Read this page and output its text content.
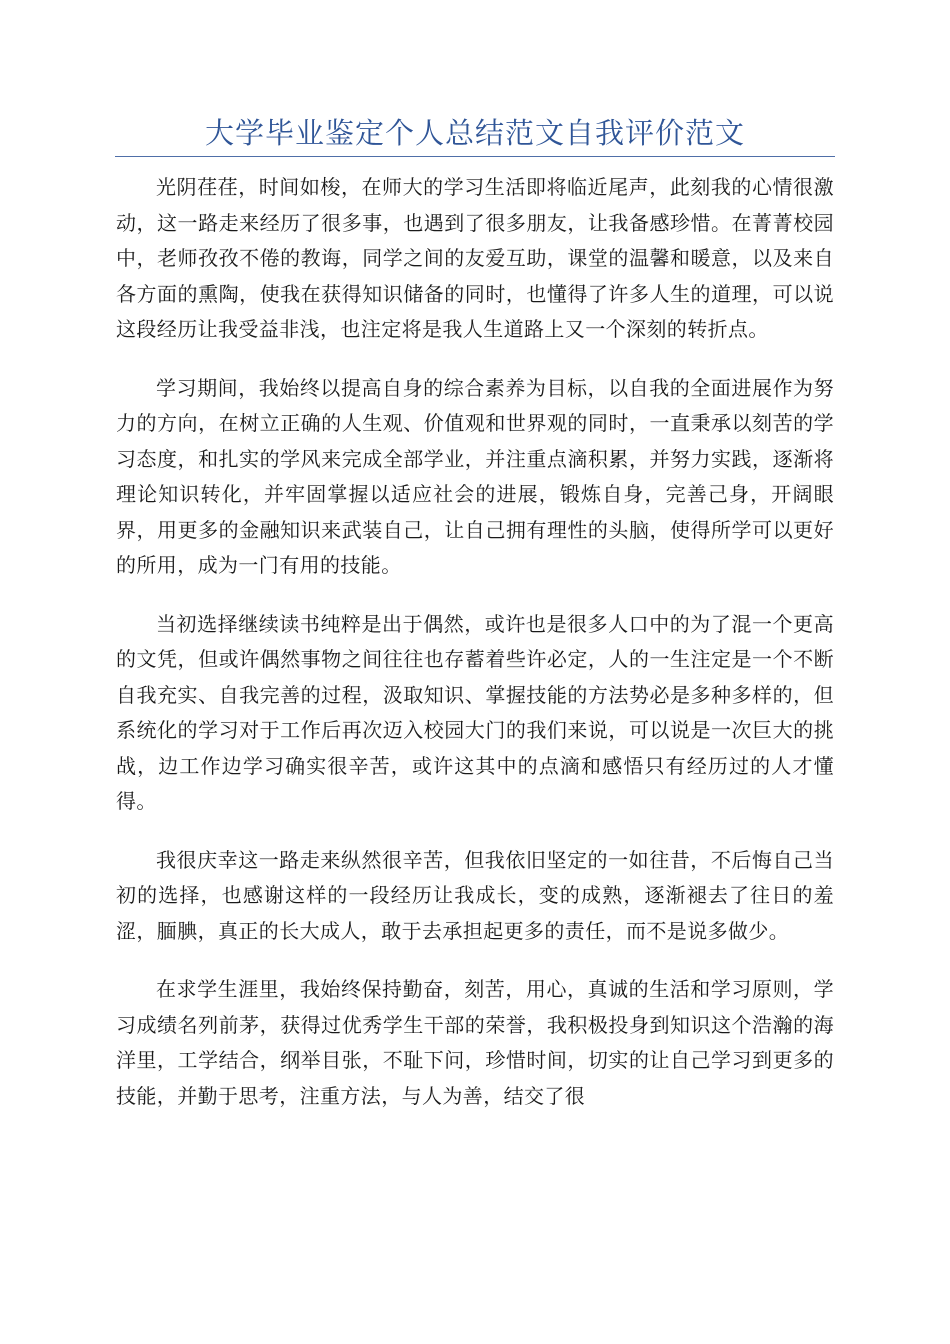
大学毕业鉴定个人总结范文自我评价范文

光阴荏荏，时间如梭，在师大的学习生活即将临近尾声，此刻我的心情很激动，这一路走来经历了很多事，也遇到了很多朋友，让我备感珍惜。在菁菁校园中，老师孜孜不倦的教诲，同学之间的友爱互助，课堂的温馨和暖意，以及来自各方面的熏陶，使我在获得知识储备的同时，也懂得了许多人生的道理，可以说这段经历让我受益非浅，也注定将是我人生道路上又一个深刻的转折点。

学习期间，我始终以提高自身的综合素养为目标，以自我的全面进展作为努力的方向，在树立正确的人生观、价值观和世界观的同时，一直秉承以刻苦的学习态度，和扎实的学风来完成全部学业，并注重点滴积累，并努力实践，逐渐将理论知识转化，并牢固掌握以适应社会的进展，锻炼自身，完善己身，开阔眼界，用更多的金融知识来武装自己，让自己拥有理性的头脑，使得所学可以更好的所用，成为一门有用的技能。

当初选择继续读书纯粹是出于偶然，或许也是很多人口中的为了混一个更高的文凭，但或许偶然事物之间往往也存蓄着些许必定，人的一生注定是一个不断自我充实、自我完善的过程，汲取知识、掌握技能的方法势必是多种多样的，但系统化的学习对于工作后再次迈入校园大门的我们来说，可以说是一次巨大的挑战，边工作边学习确实很辛苦，或许这其中的点滴和感悟只有经历过的人才懂得。

我很庆幸这一路走来纵然很辛苦，但我依旧坚定的一如往昔，不后悔自己当初的选择，也感谢这样的一段经历让我成长，变的成熟，逐渐褪去了往日的羞涩，腼腆，真正的长大成人，敢于去承担起更多的责任，而不是说多做少。

在求学生涯里，我始终保持勤奋，刻苦，用心，真诚的生活和学习原则，学习成绩名列前茅，获得过优秀学生干部的荣誉，我积极投身到知识这个浩瀚的海洋里，工学结合，纲举目张，不耻下问，珍惜时间，切实的让自己学习到更多的技能，并勤于思考，注重方法，与人为善，结交了很
